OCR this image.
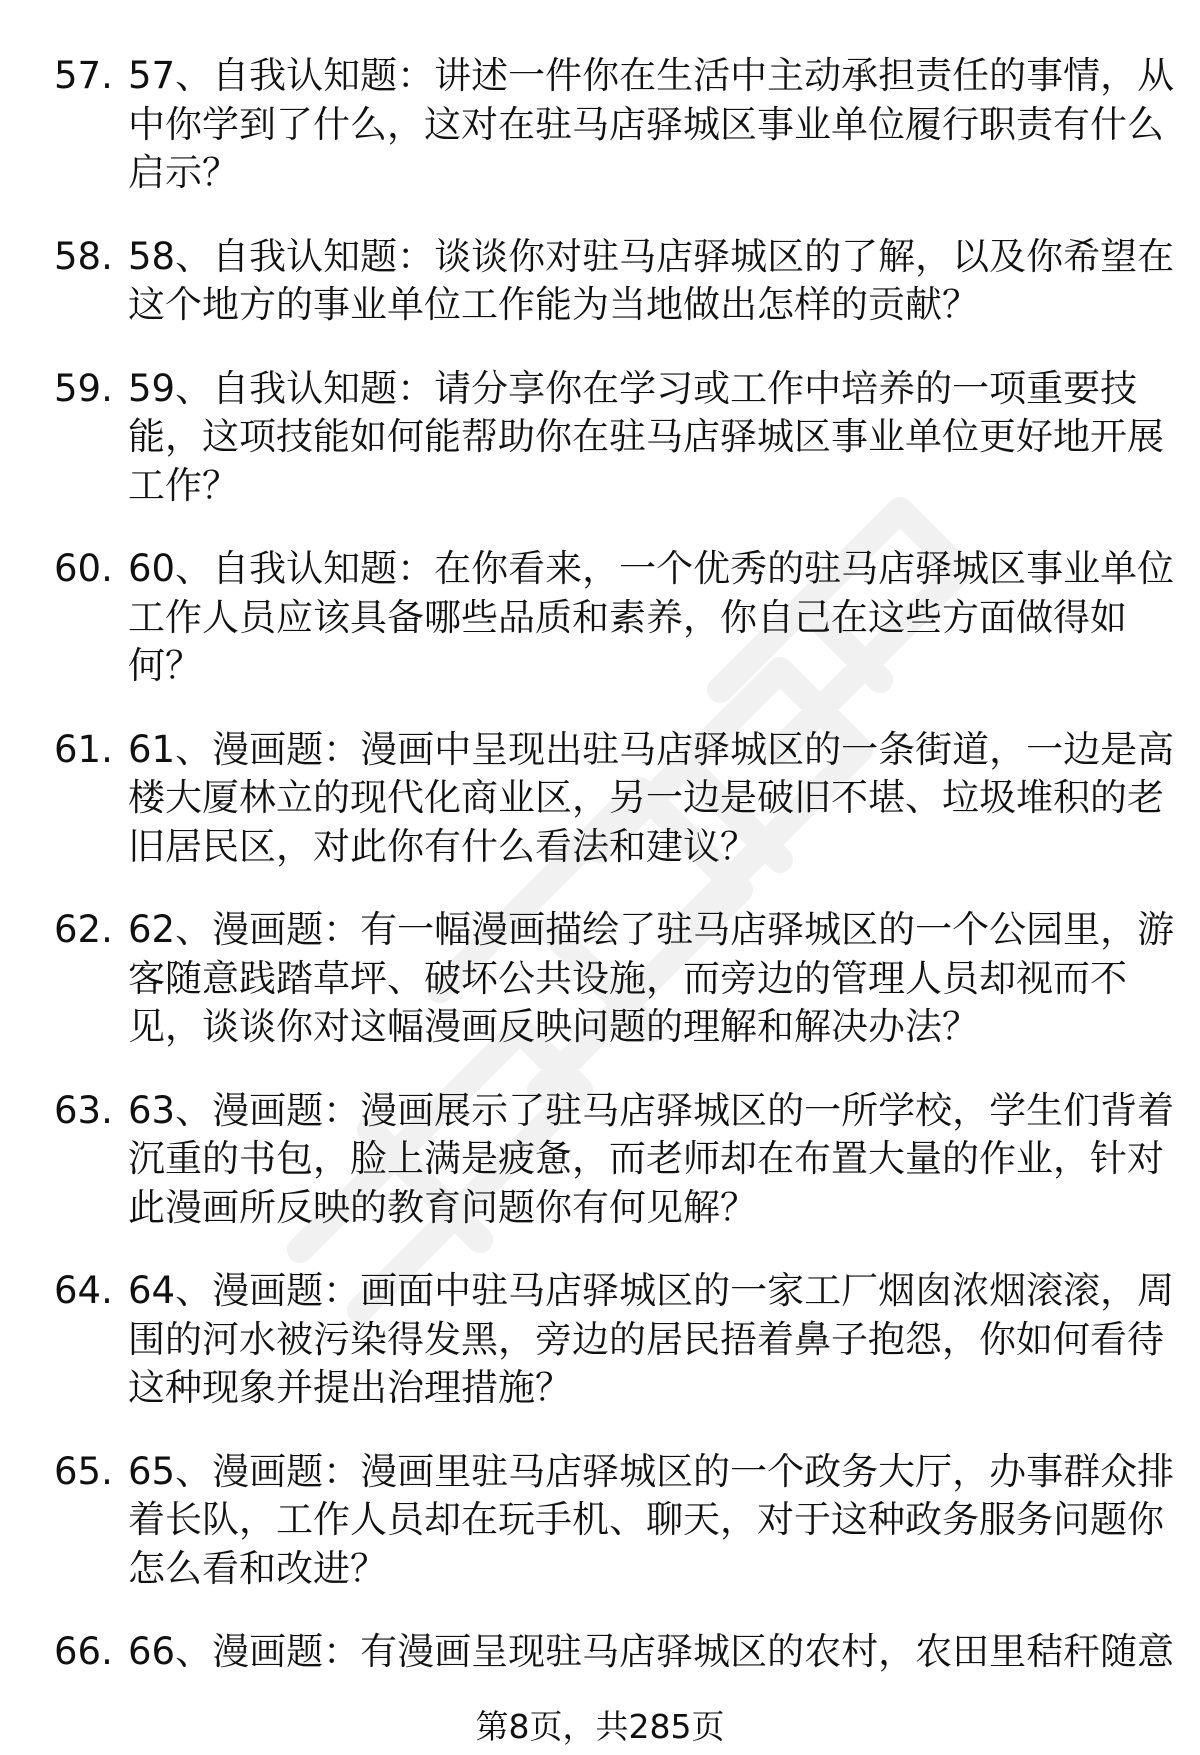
57. 57、自我认知题：讲述一件你在生活中主动承担责任的事情，从
中你学到了什么，这对在驻马店驿城区事业单位履行职责有什么
启示？
58. 58、自我认知题：谈谈你对驻马店驿城区的了解，以及你希望在
这个地方的事业单位工作能为当地做出怎样的贡献？
59. 59、自我认知题：请分享你在学习或工作中培养的一项重要技
能，这项技能如何能帮助你在驻马店驿城区事业单位更好地开展
工作？
60. 60、自我认知题：在你看来，一个优秀的驻马店驿城区事业单位
工作人员应该具备哪些品质和素养，你自己在这些方面做得如
何？
61. 61、漫画题：漫画中呈现出驻马店驿城区的一条街道，一边是高
楼大厦林立的现代化商业区，另一边是破旧不堪、垃圾堆积的老
旧居民区，对此你有什么看法和建议？
62. 62、漫画题：有一幅漫画描绘了驻马店驿城区的一个公园里，游
客随意践踏草坪、破坏公共设施，而旁边的管理人员却视而不
见，谈谈你对这幅漫画反映问题的理解和解决办法？
63. 63、漫画题：漫画展示了驻马店驿城区的一所学校，学生们背着
沉重的书包，脸上满是疲惫，而老师却在布置大量的作业，针对
此漫画所反映的教育问题你有何见解？
64. 64、漫画题：画面中驻马店驿城区的一家工厂烟囱浓烟滚滚，周
围的河水被污染得发黑，旁边的居民捂着鼻子抱怨，你如何看待
这种现象并提出治理措施？
65. 65、漫画题：漫画里驻马店驿城区的一个政务大厅，办事群众排
着长队，工作人员却在玩手机、聊天，对于这种政务服务问题你
怎么看和改进？
66. 66、漫画题：有漫画呈现驻马店驿城区的农村，农田里秸秆随意
第8页，共285页
